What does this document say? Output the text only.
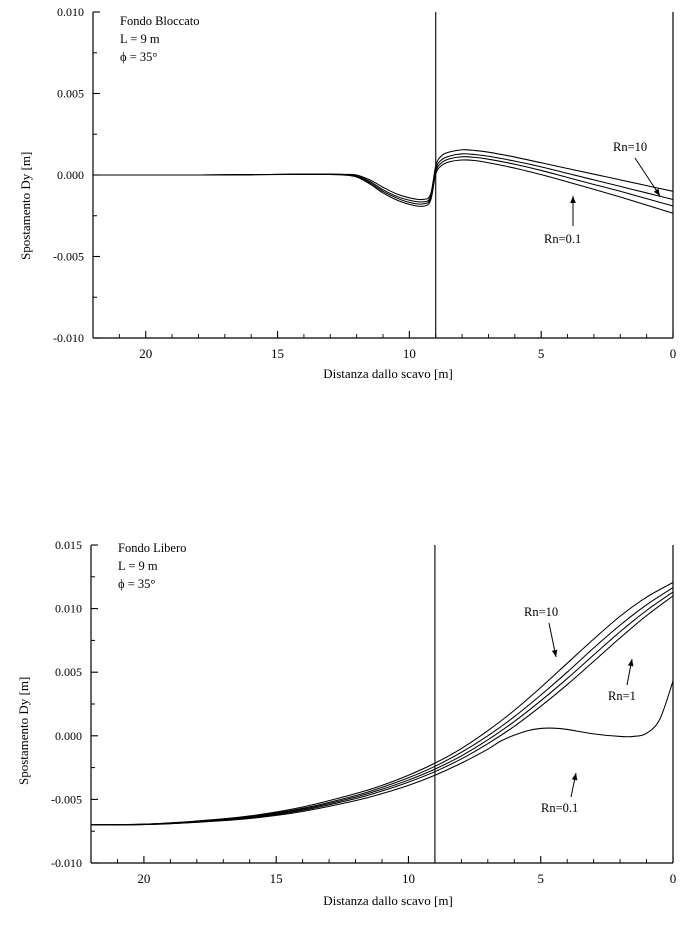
-0.010
-0.005
0.000
0.005
0.010
20	15	10	5	0
Fondo Bloccato
L = 9 m
ϕ = 35°
Rn=10
Rn=0.1
Distanza dallo scavo [m]
Spostamento Dy [m]
-0.010
-0.005
0.000
0.005
0.010
0.015
20	15	10	5	0
Fondo Libero
L = 9 m
ϕ = 35°
Rn=10
Rn=1
Rn=0.1
Distanza dallo scavo [m]
Spostamento Dy [m]
